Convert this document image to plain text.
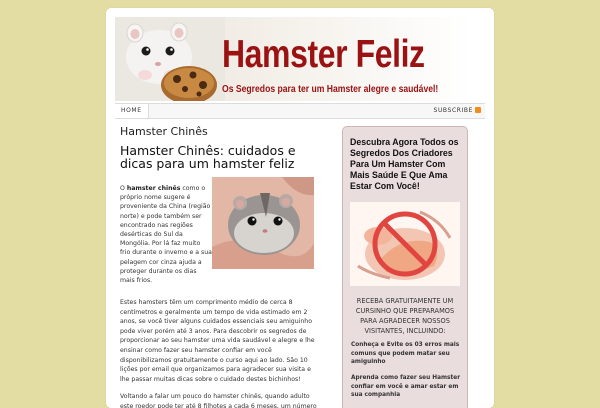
Hamster Feliz
Os Segredos para ter um Hamster alegre e saudável!
HOME	SUBSCRIBE
Hamster Chinês
Hamster Chinês: cuidados e dicas para um hamster feliz
O hamster chinês como o próprio nome sugere é proveniente da China (região norte) e pode também ser encontrado nas regiões desérticas do Sul da Mongólia. Por lá faz muito frio durante o inverno e a sua pelagem cor cinza ajuda a proteger durante os dias mais frios.
Estes hamsters têm um comprimento médio de cerca 8 centímetros e geralmente um tempo de vida estimado em 2 anos, se você tiver alguns cuidados essenciais seu amiguinho pode viver porém até 3 anos. Para descobrir os segredos de proporcionar ao seu hamster uma vida saudável e alegre e lhe ensinar como fazer seu hamster confiar em você disponibilizamos gratuitamente o curso aqui ao lado. São 10 lições por email que organizamos para agradecer sua visita e lhe passar muitas dicas sobre o cuidado destes bichinhos!
Voltando a falar um pouco do hamster chinês, quando adulto este roedor pode ter até 8 filhotes a cada 6 meses, um número
Descubra Agora Todos os Segredos Dos Criadores Para Um Hamster Com Mais Saúde E Que Ama Estar Com Você!
RECEBA GRATUITAMENTE UM CURSINHO QUE PREPARAMOS PARA AGRADECER NOSSOS VISITANTES, INCLUINDO:
Conheça e Evite os 03 erros mais comuns que podem matar seu amiguinho
Aprenda como fazer seu Hamster confiar em você e amar estar em sua companhia
